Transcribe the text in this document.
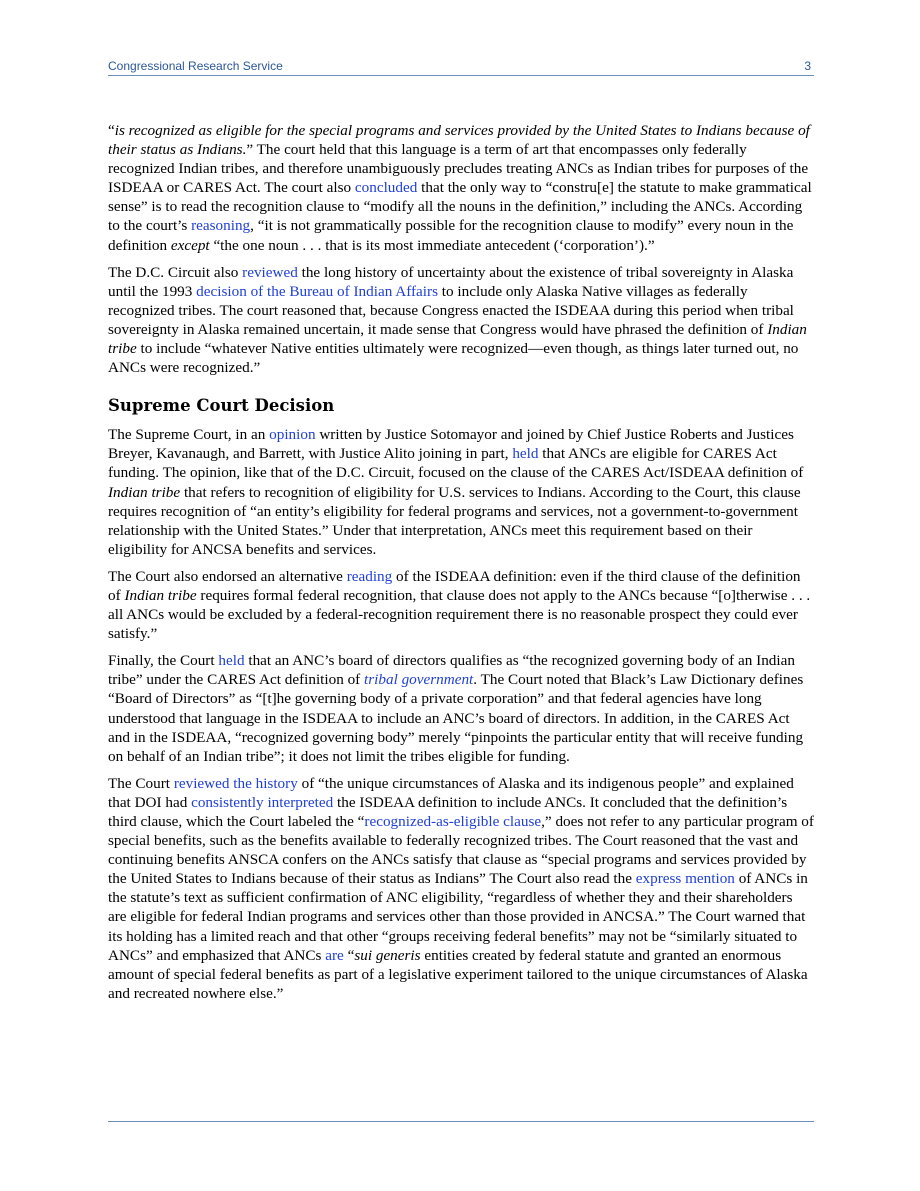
Congressional Research Service	3

“is recognized as eligible for the special programs and services provided by the United States to Indians because of their status as Indians.” The court held that this language is a term of art that encompasses only federally recognized Indian tribes, and therefore unambiguously precludes treating ANCs as Indian tribes for purposes of the ISDEAA or CARES Act. The court also concluded that the only way to “constru[e] the statute to make grammatical sense” is to read the recognition clause to “modify all the nouns in the definition,” including the ANCs. According to the court’s reasoning, “it is not grammatically possible for the recognition clause to modify” every noun in the definition except “the one noun . . . that is its most immediate antecedent (‘corporation’).”

The D.C. Circuit also reviewed the long history of uncertainty about the existence of tribal sovereignty in Alaska until the 1993 decision of the Bureau of Indian Affairs to include only Alaska Native villages as federally recognized tribes. The court reasoned that, because Congress enacted the ISDEAA during this period when tribal sovereignty in Alaska remained uncertain, it made sense that Congress would have phrased the definition of Indian tribe to include “whatever Native entities ultimately were recognized—even though, as things later turned out, no ANCs were recognized.”

Supreme Court Decision

The Supreme Court, in an opinion written by Justice Sotomayor and joined by Chief Justice Roberts and Justices Breyer, Kavanaugh, and Barrett, with Justice Alito joining in part, held that ANCs are eligible for CARES Act funding. The opinion, like that of the D.C. Circuit, focused on the clause of the CARES Act/ISDEAA definition of Indian tribe that refers to recognition of eligibility for U.S. services to Indians. According to the Court, this clause requires recognition of “an entity’s eligibility for federal programs and services, not a government-to-government relationship with the United States.” Under that interpretation, ANCs meet this requirement based on their eligibility for ANCSA benefits and services.

The Court also endorsed an alternative reading of the ISDEAA definition: even if the third clause of the definition of Indian tribe requires formal federal recognition, that clause does not apply to the ANCs because “[o]therwise . . . all ANCs would be excluded by a federal-recognition requirement there is no reasonable prospect they could ever satisfy.”

Finally, the Court held that an ANC’s board of directors qualifies as “the recognized governing body of an Indian tribe” under the CARES Act definition of tribal government. The Court noted that Black’s Law Dictionary defines “Board of Directors” as “[t]he governing body of a private corporation” and that federal agencies have long understood that language in the ISDEAA to include an ANC’s board of directors. In addition, in the CARES Act and in the ISDEAA, “recognized governing body” merely “pinpoints the particular entity that will receive funding on behalf of an Indian tribe”; it does not limit the tribes eligible for funding.

The Court reviewed the history of “the unique circumstances of Alaska and its indigenous people” and explained that DOI had consistently interpreted the ISDEAA definition to include ANCs. It concluded that the definition’s third clause, which the Court labeled the “recognized-as-eligible clause,” does not refer to any particular program of special benefits, such as the benefits available to federally recognized tribes. The Court reasoned that the vast and continuing benefits ANSCA confers on the ANCs satisfy that clause as “special programs and services provided by the United States to Indians because of their status as Indians” The Court also read the express mention of ANCs in the statute’s text as sufficient confirmation of ANC eligibility, “regardless of whether they and their shareholders are eligible for federal Indian programs and services other than those provided in ANCSA.” The Court warned that its holding has a limited reach and that other “groups receiving federal benefits” may not be “similarly situated to ANCs” and emphasized that ANCs are “sui generis entities created by federal statute and granted an enormous amount of special federal benefits as part of a legislative experiment tailored to the unique circumstances of Alaska and recreated nowhere else.”
